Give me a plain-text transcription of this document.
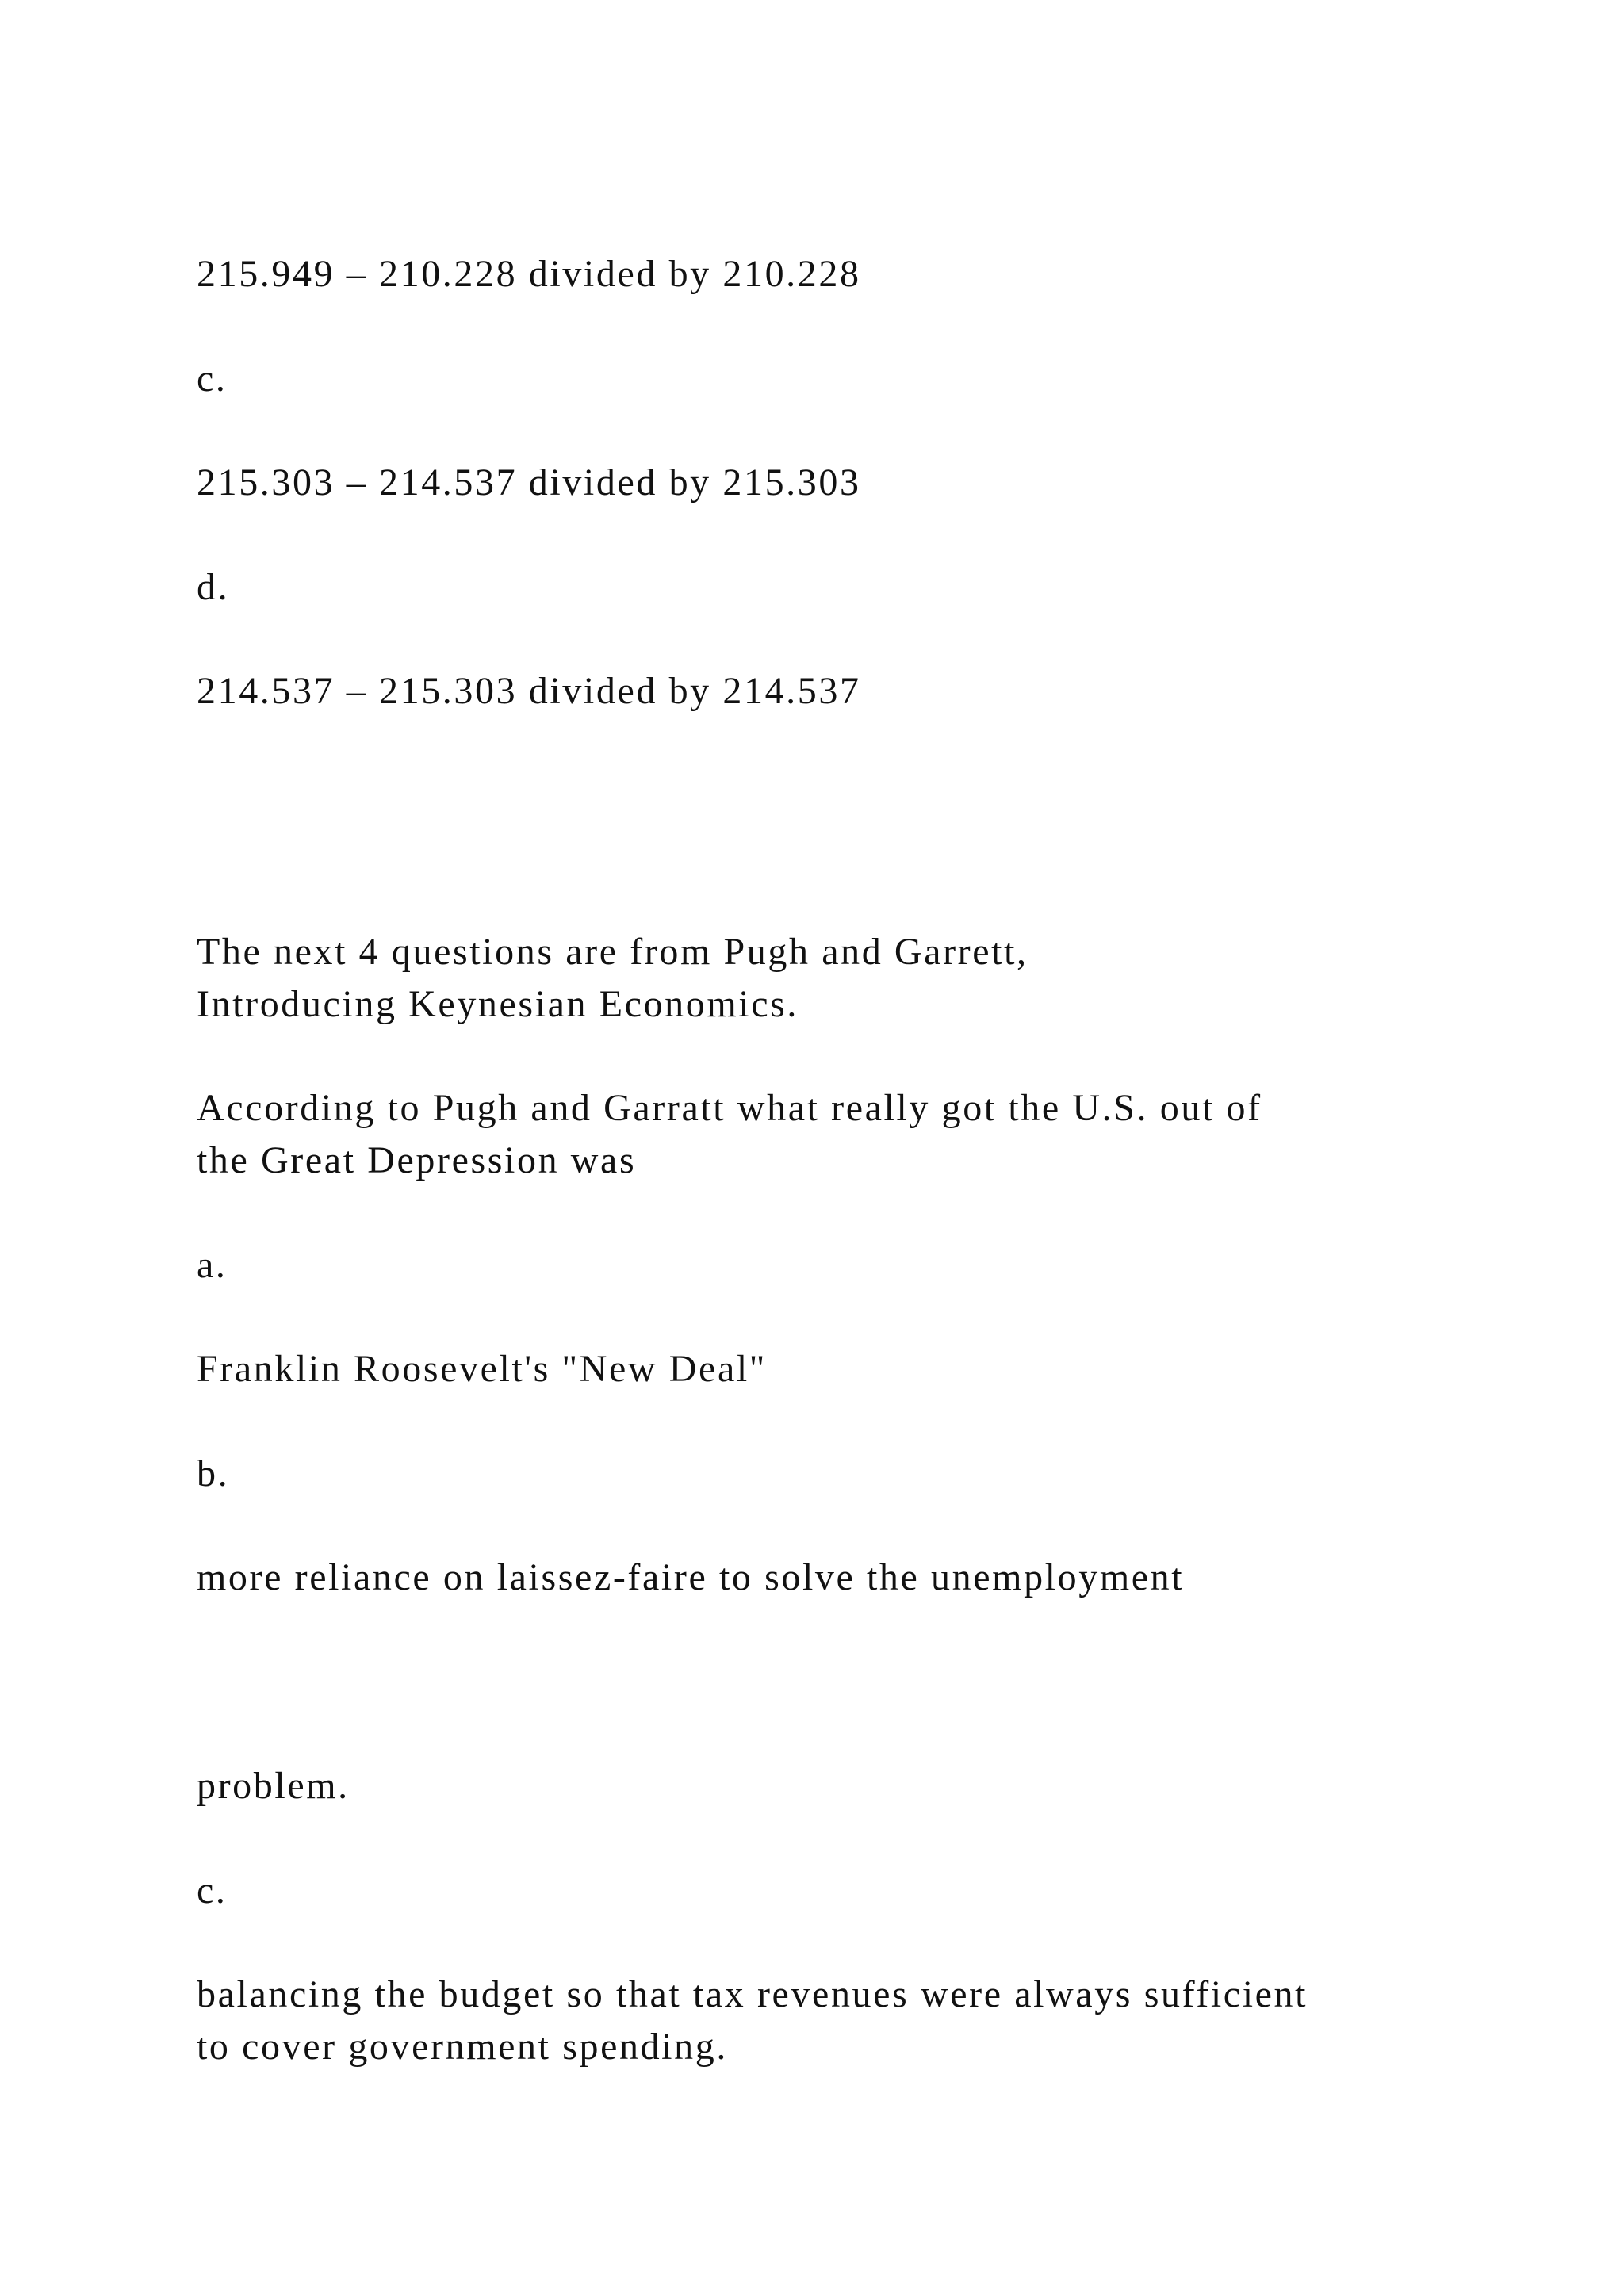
215.949 – 210.228 divided by 210.228

c.

215.303 – 214.537 divided by 215.303

d.

214.537 – 215.303 divided by 214.537

The next 4 questions are from Pugh and Garrett,

Introducing Keynesian Economics.

According to Pugh and Garratt what really got the U.S. out of

the Great Depression was

a.

Franklin Roosevelt's "New Deal"

b.

more reliance on laissez-faire to solve the unemployment

problem.

c.

balancing the budget so that tax revenues were always sufficient

to cover government spending.
